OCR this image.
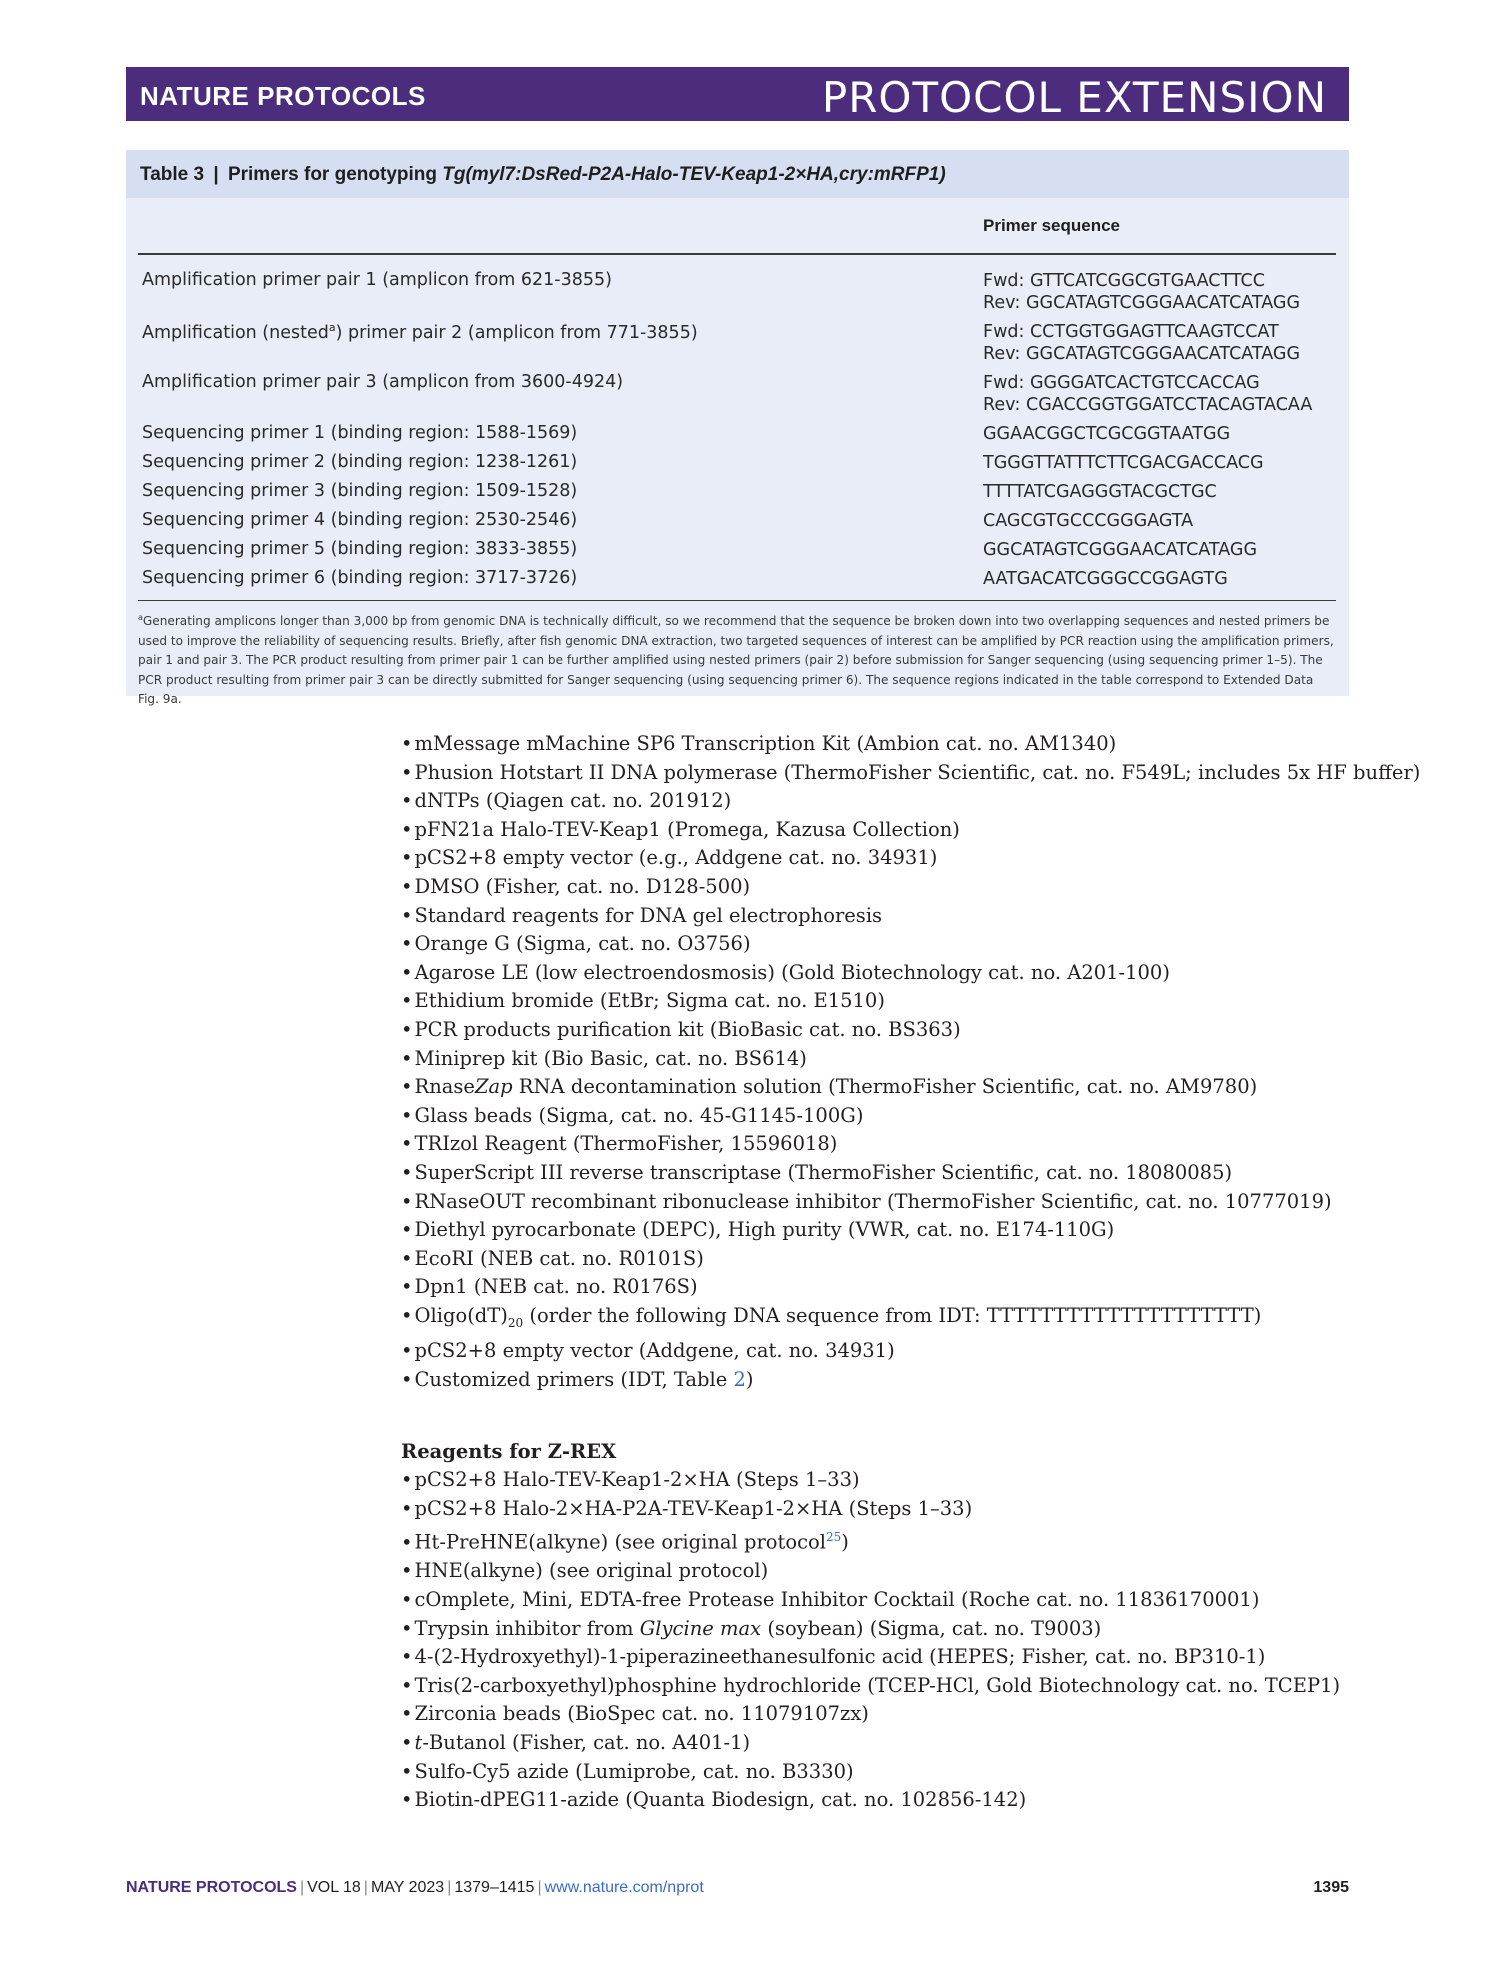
NATURE PROTOCOLS	PROTOCOL EXTENSION
Table 3 | Primers for genotyping Tg(myl7:DsRed-P2A-Halo-TEV-Keap1-2×HA,cry:mRFP1)
Primer sequence
Amplification primer pair 1 (amplicon from 621-3855)	Fwd: GTTCATCGGCGTGAACTTCC
Rev: GGCATAGTCGGGAACATCATAGG
Amplification (nested$^a$) primer pair 2 (amplicon from 771-3855)	Fwd: CCTGGTGGAGTTCAAGTCCAT
Rev: GGCATAGTCGGGAACATCATAGG
Amplification primer pair 3 (amplicon from 3600-4924)	Fwd: GGGGATCACTGTCCACCAG
Rev: CGACCGGTGGATCCTACAGTACAA
Sequencing primer 1 (binding region: 1588-1569)	GGAACGGCTCGCGGTAATGG
Sequencing primer 2 (binding region: 1238-1261)	TGGGTTATTTCTTCGACGACCACG
Sequencing primer 3 (binding region: 1509-1528)	TTTTATCGAGGGTACGCTGC
Sequencing primer 4 (binding region: 2530-2546)	CAGCGTGCCCGGGAGTA
Sequencing primer 5 (binding region: 3833-3855)	GGCATAGTCGGGAACATCATAGG
Sequencing primer 6 (binding region: 3717-3726)	AATGACATCGGGCCGGAGTG
$^a$Generating amplicons longer than 3,000 bp from genomic DNA is technically difficult, so we recommend that the sequence be broken down into two overlapping sequences and nested primers be used to improve the reliability of sequencing results. Briefly, after fish genomic DNA extraction, two targeted sequences of interest can be amplified by PCR reaction using the amplification primers, pair 1 and pair 3. The PCR product resulting from primer pair 1 can be further amplified using nested primers (pair 2) before submission for Sanger sequencing (using sequencing primer 1–5). The PCR product resulting from primer pair 3 can be directly submitted for Sanger sequencing (using sequencing primer 6). The sequence regions indicated in the table correspond to Extended Data Fig. 9a.
• mMessage mMachine SP6 Transcription Kit (Ambion cat. no. AM1340)
• Phusion Hotstart II DNA polymerase (ThermoFisher Scientific, cat. no. F549L; includes 5x HF buffer)
• dNTPs (Qiagen cat. no. 201912)
• pFN21a Halo-TEV-Keap1 (Promega, Kazusa Collection)
• pCS2+8 empty vector (e.g., Addgene cat. no. 34931)
• DMSO (Fisher, cat. no. D128-500)
• Standard reagents for DNA gel electrophoresis
• Orange G (Sigma, cat. no. O3756)
• Agarose LE (low electroendosmosis) (Gold Biotechnology cat. no. A201-100)
• Ethidium bromide (EtBr; Sigma cat. no. E1510)
• PCR products purification kit (BioBasic cat. no. BS363)
• Miniprep kit (Bio Basic, cat. no. BS614)
• RnaseZap RNA decontamination solution (ThermoFisher Scientific, cat. no. AM9780)
• Glass beads (Sigma, cat. no. 45-G1145-100G)
• TRIzol Reagent (ThermoFisher, 15596018)
• SuperScript III reverse transcriptase (ThermoFisher Scientific, cat. no. 18080085)
• RNaseOUT recombinant ribonuclease inhibitor (ThermoFisher Scientific, cat. no. 10777019)
• Diethyl pyrocarbonate (DEPC), High purity (VWR, cat. no. E174-110G)
• EcoRI (NEB cat. no. R0101S)
• Dpn1 (NEB cat. no. R0176S)
• $Oligo(dT)_{20}$ (order the following DNA sequence from IDT: TTTTTTTTTTTTTTTTTTTT)
• pCS2+8 empty vector (Addgene, cat. no. 34931)
• Customized primers (IDT, Table 2)
Reagents for Z-REX
• pCS2+8 Halo-TEV-Keap1-2×HA (Steps 1–33)
• pCS2+8 Halo-2×HA-P2A-TEV-Keap1-2×HA (Steps 1–33)
• Ht-PreHNE(alkyne) (see original protocol$^{25}$)
• HNE(alkyne) (see original protocol)
• cOmplete, Mini, EDTA-free Protease Inhibitor Cocktail (Roche cat. no. 11836170001)
• Trypsin inhibitor from Glycine max (soybean) (Sigma, cat. no. T9003)
• 4-(2-Hydroxyethyl)-1-piperazineethanesulfonic acid (HEPES; Fisher, cat. no. BP310-1)
• Tris(2-carboxyethyl)phosphine hydrochloride (TCEP-HCl, Gold Biotechnology cat. no. TCEP1)
• Zirconia beads (BioSpec cat. no. 11079107zx)
• t-Butanol (Fisher, cat. no. A401-1)
• Sulfo-Cy5 azide (Lumiprobe, cat. no. B3330)
• Biotin-dPEG11-azide (Quanta Biodesign, cat. no. 102856-142)
NATURE PROTOCOLS | VOL 18 | MAY 2023 | 1379–1415 | www.nature.com/nprot	1395
